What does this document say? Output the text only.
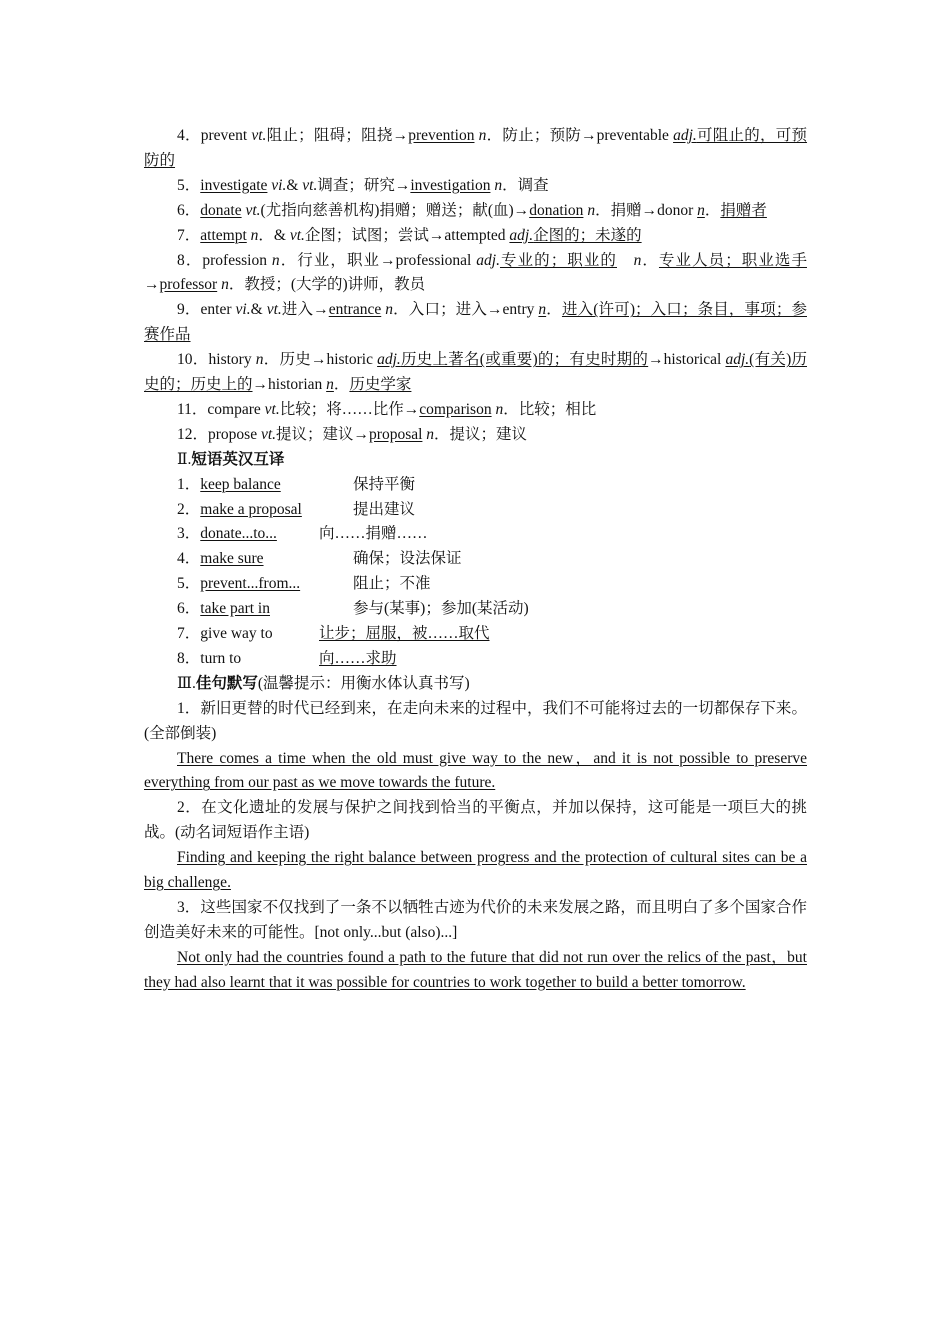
4．prevent vt.阻止；阻碍；阻挠→prevention n．防止；预防→preventable adj.可阻止的，可预防的
5．investigate vi.& vt.调查；研究→investigation n．调查
6．donate vt.(尤指向慈善机构)捐赠；赠送；献(血)→donation n．捐赠→donor n．捐赠者
7．attempt n．& vt.企图；试图；尝试→attempted adj.企图的；未遂的
8．profession n．行业，职业→professional adj.专业的；职业的　 n．专业人员；职业选手→professor n．教授；(大学的)讲师，教员
9．enter vi.& vt.进入→entrance n．入口；进入→entry n．进入(许可)；入口；条目，事项；参赛作品
10．history n．历史→historic adj.历史上著名(或重要)的；有史时期的→historical adj.(有关)历史的；历史上的→historian n．历史学家
11．compare vt.比较；将……比作→comparison n．比较；相比
12．propose vt.提议；建议→proposal n．提议；建议
Ⅱ.短语英汉互译
1．keep balance	保持平衡
2．make a proposal	提出建议
3．donate...to...	向……捐赠……
4．make sure	确保；设法保证
5．prevent...from...	阻止；不准
6．take part in	参与(某事)；参加(某活动)
7．give way to	让步；屈服，被……取代
8．turn to	向……求助
Ⅲ.佳句默写(温馨提示：用衡水体认真书写)
1．新旧更替的时代已经到来，在走向未来的过程中，我们不可能将过去的一切都保存下来。(全部倒装)
There comes a time when the old must give way to the new，and it is not possible to preserve everything from our past as we move towards the future.
2．在文化遗址的发展与保护之间找到恰当的平衡点，并加以保持，这可能是一项巨大的挑战。(动名词短语作主语)
Finding and keeping the right balance between progress and the protection of cultural sites can be a big challenge.
3．这些国家不仅找到了一条不以牺牲古迹为代价的未来发展之路，而且明白了多个国家合作创造美好未来的可能性。[not only...but (also)...]
Not only had the countries found a path to the future that did not run over the relics of the past，but they had also learnt that it was possible for countries to work together to build a better tomorrow.
